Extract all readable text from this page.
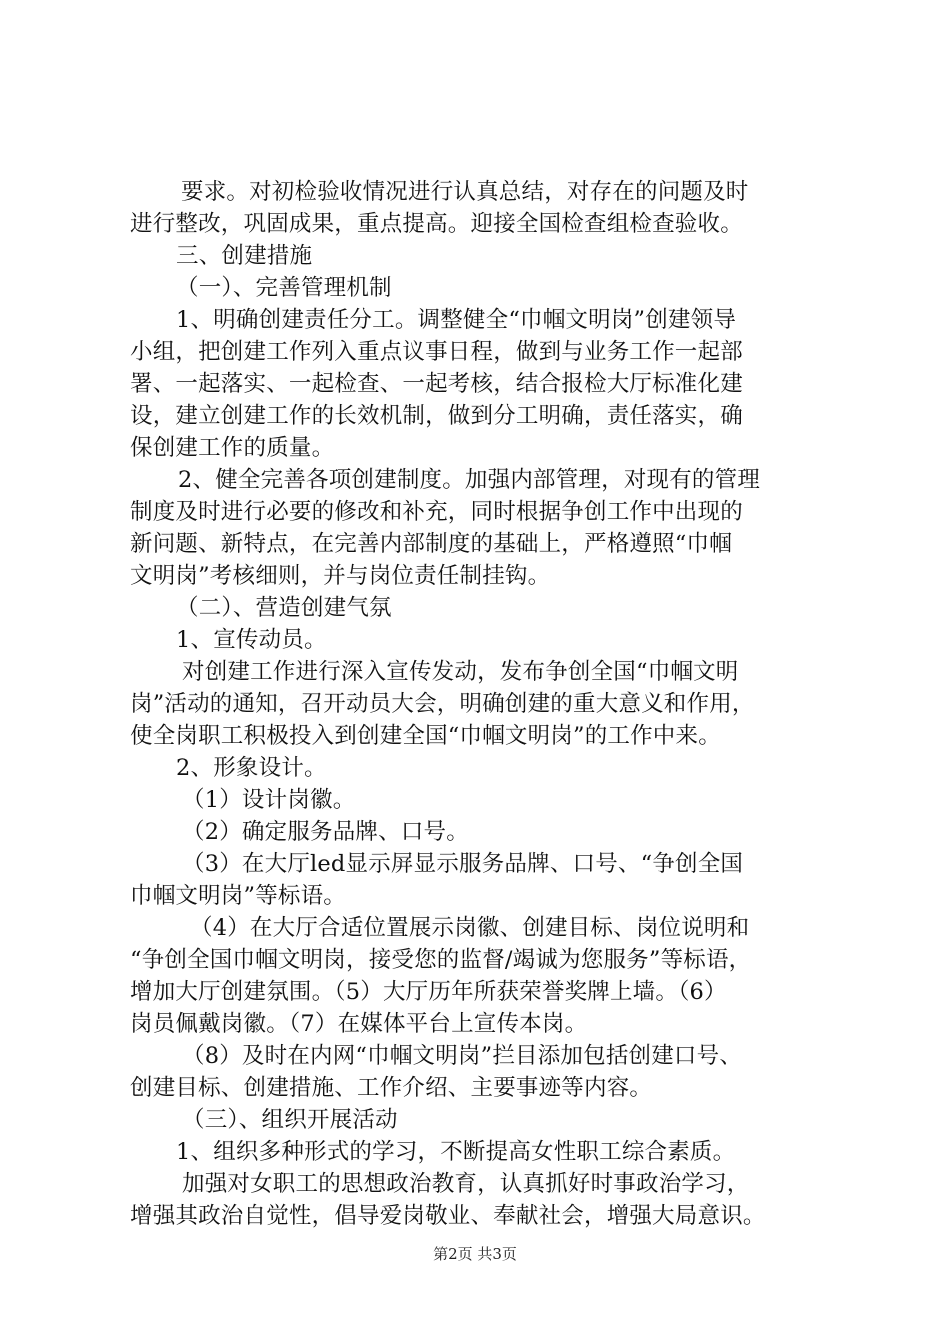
要求。对初检验收情况进行认真总结，对存在的问题及时
进行整改，巩固成果，重点提高。迎接全国检查组检查验收。
三、创建措施
（一）、完善管理机制
1、明确创建责任分工。调整健全“巾帼文明岗”创建领导
小组，把创建工作列入重点议事日程，做到与业务工作一起部
署、一起落实、一起检查、一起考核，结合报检大厅标准化建
设，建立创建工作的长效机制，做到分工明确，责任落实，确
保创建工作的质量。
2、健全完善各项创建制度。加强内部管理，对现有的管理
制度及时进行必要的修改和补充，同时根据争创工作中出现的
新问题、新特点，在完善内部制度的基础上，严格遵照“巾帼
文明岗”考核细则，并与岗位责任制挂钩。
（二）、营造创建气氛
1、宣传动员。
对创建工作进行深入宣传发动，发布争创全国“巾帼文明
岗”活动的通知，召开动员大会，明确创建的重大意义和作用，
使全岗职工积极投入到创建全国“巾帼文明岗”的工作中来。
2、形象设计。
（1）设计岗徽。
（2）确定服务品牌、口号。
（3）在大厅led显示屏显示服务品牌、口号、“争创全国
巾帼文明岗”等标语。
（4）在大厅合适位置展示岗徽、创建目标、岗位说明和
“争创全国巾帼文明岗，接受您的监督/竭诚为您服务”等标语，
增加大厅创建氛围。（5）大厅历年所获荣誉奖牌上墙。（6）
岗员佩戴岗徽。（7）在媒体平台上宣传本岗。
（8）及时在内网“巾帼文明岗”拦目添加包括创建口号、
创建目标、创建措施、工作介绍、主要事迹等内容。
（三）、组织开展活动
1、组织多种形式的学习，不断提高女性职工综合素质。
加强对女职工的思想政治教育，认真抓好时事政治学习，
增强其政治自觉性，倡导爱岗敬业、奉献社会，增强大局意识。
第2页 共3页
